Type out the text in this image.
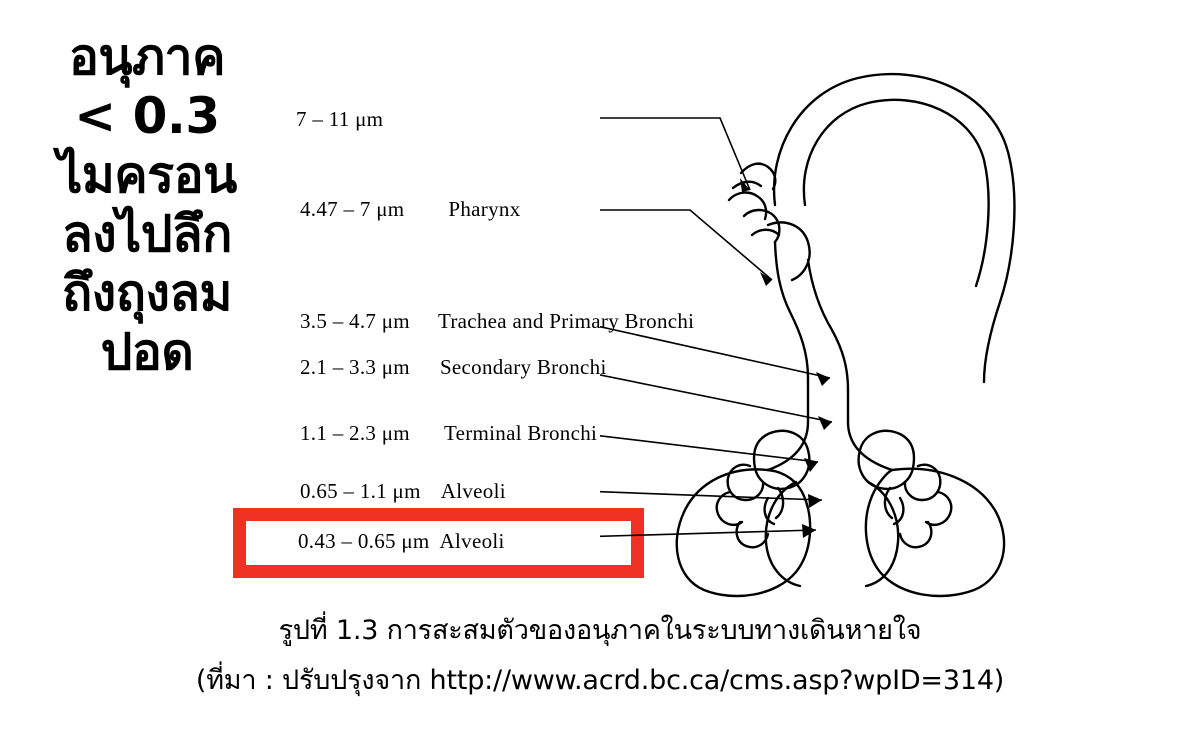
อนุภาค
< 0.3
ไมครอน
ลงไปลึก
ถึงถุงลม
ปอด
7 – 11 μm
4.47 – 7 μm Pharynx
3.5 – 4.7 μm Trachea and Primary Bronchi
2.1 – 3.3 μm Secondary Bronchi
1.1 – 2.3 μm Terminal Bronchi
0.65 – 1.1 μm Alveoli
0.43 – 0.65 μm Alveoli
รูปที่ 1.3 การสะสมตัวของอนุภาคในระบบทางเดินหายใจ
(ที่มา : ปรับปรุงจาก http://www.acrd.bc.ca/cms.asp?wpID=314)
